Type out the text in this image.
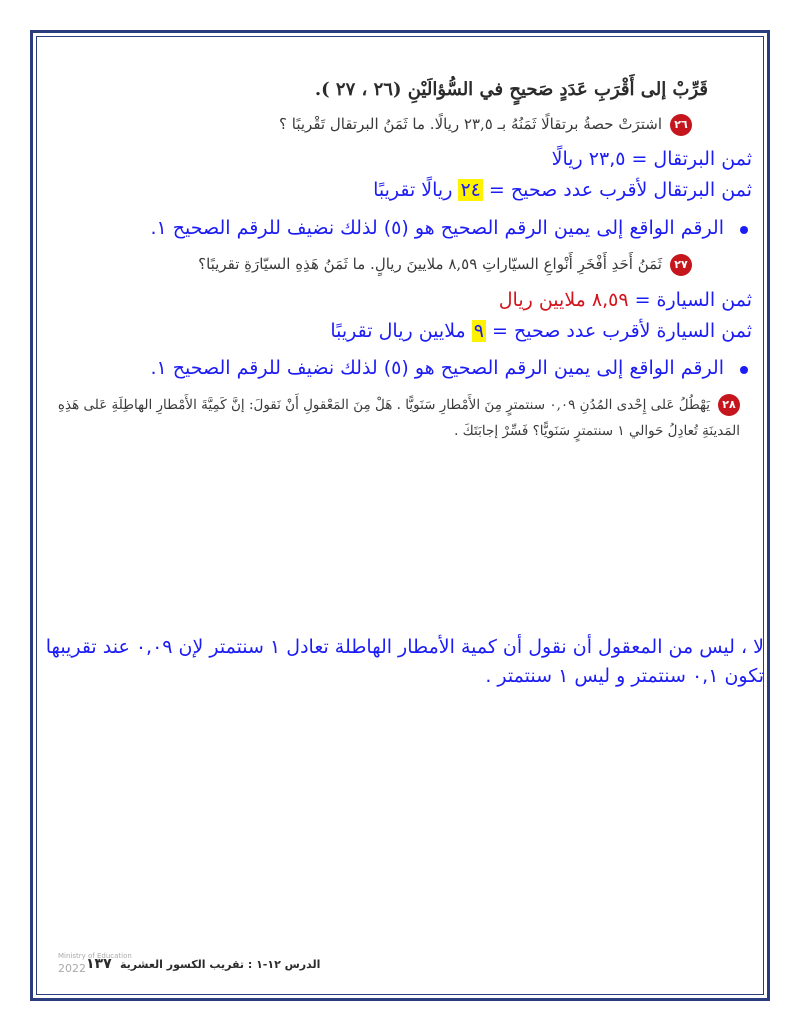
قَرِّبْ إلى أَقْرَبِ عَدَدٍ صَحيحٍ في السُّؤالَيْنِ (٢٦ ، ٢٧ ).
٢٦اشترَتْ حصةُ برتقالًا ثَمَنُهُ بـ ٢٣,٥ ريالًا. ما ثَمَنُ البرتقال تَقْريبًا ؟
ثمن البرتقال = ٢٣,٥ ريالًا
ثمن البرتقال لأقرب عدد صحيح = ٢٤ ريالًا تقريبًا
الرقم الواقع إلى يمين الرقم الصحيح هو (٥) لذلك نضيف للرقم الصحيح ١.
٢٧ثَمَنُ أَحَدِ أَفْخَرِ أَنْواعِ السيّاراتِ ٨,٥٩ ملايينَ ريالٍ. ما ثَمَنُ هَذِهِ السيّارَةِ تقريبًا؟
ثمن السيارة = ٨,٥٩ ملايين ريال
ثمن السيارة لأقرب عدد صحيح = ٩ ملايين ريال تقريبًا
الرقم الواقع إلى يمين الرقم الصحيح هو (٥) لذلك نضيف للرقم الصحيح ١.
٢٨يَهْطُلُ عَلى إِحْدى المُدُنِ ٠,٠٩ سنتمترٍ مِنَ الأَمْطارِ سَنَويًّا . هَلْ مِنَ المَعْقولِ أَنْ نَقولَ: إنَّ كَمِيَّةَ الأَمْطارِ الهاطِلَةِ عَلى هَذِهِ المَدينَةِ تُعادِلُ حَوالي ١ سنتمترٍ سَنَويًّا؟ فَسِّرْ إجابَتَكَ .
لا ، ليس من المعقول أن نقول أن كمية الأمطار الهاطلة تعادل ١ سنتمتر لإن ٠,٠٩ عند تقريبها تكون ٠,١ سنتمتر و ليس ١ سنتمتر .
Ministry of Education
2022 ١٣٧ الدرس ١٢-١ : تقريب الكسور العشرية
